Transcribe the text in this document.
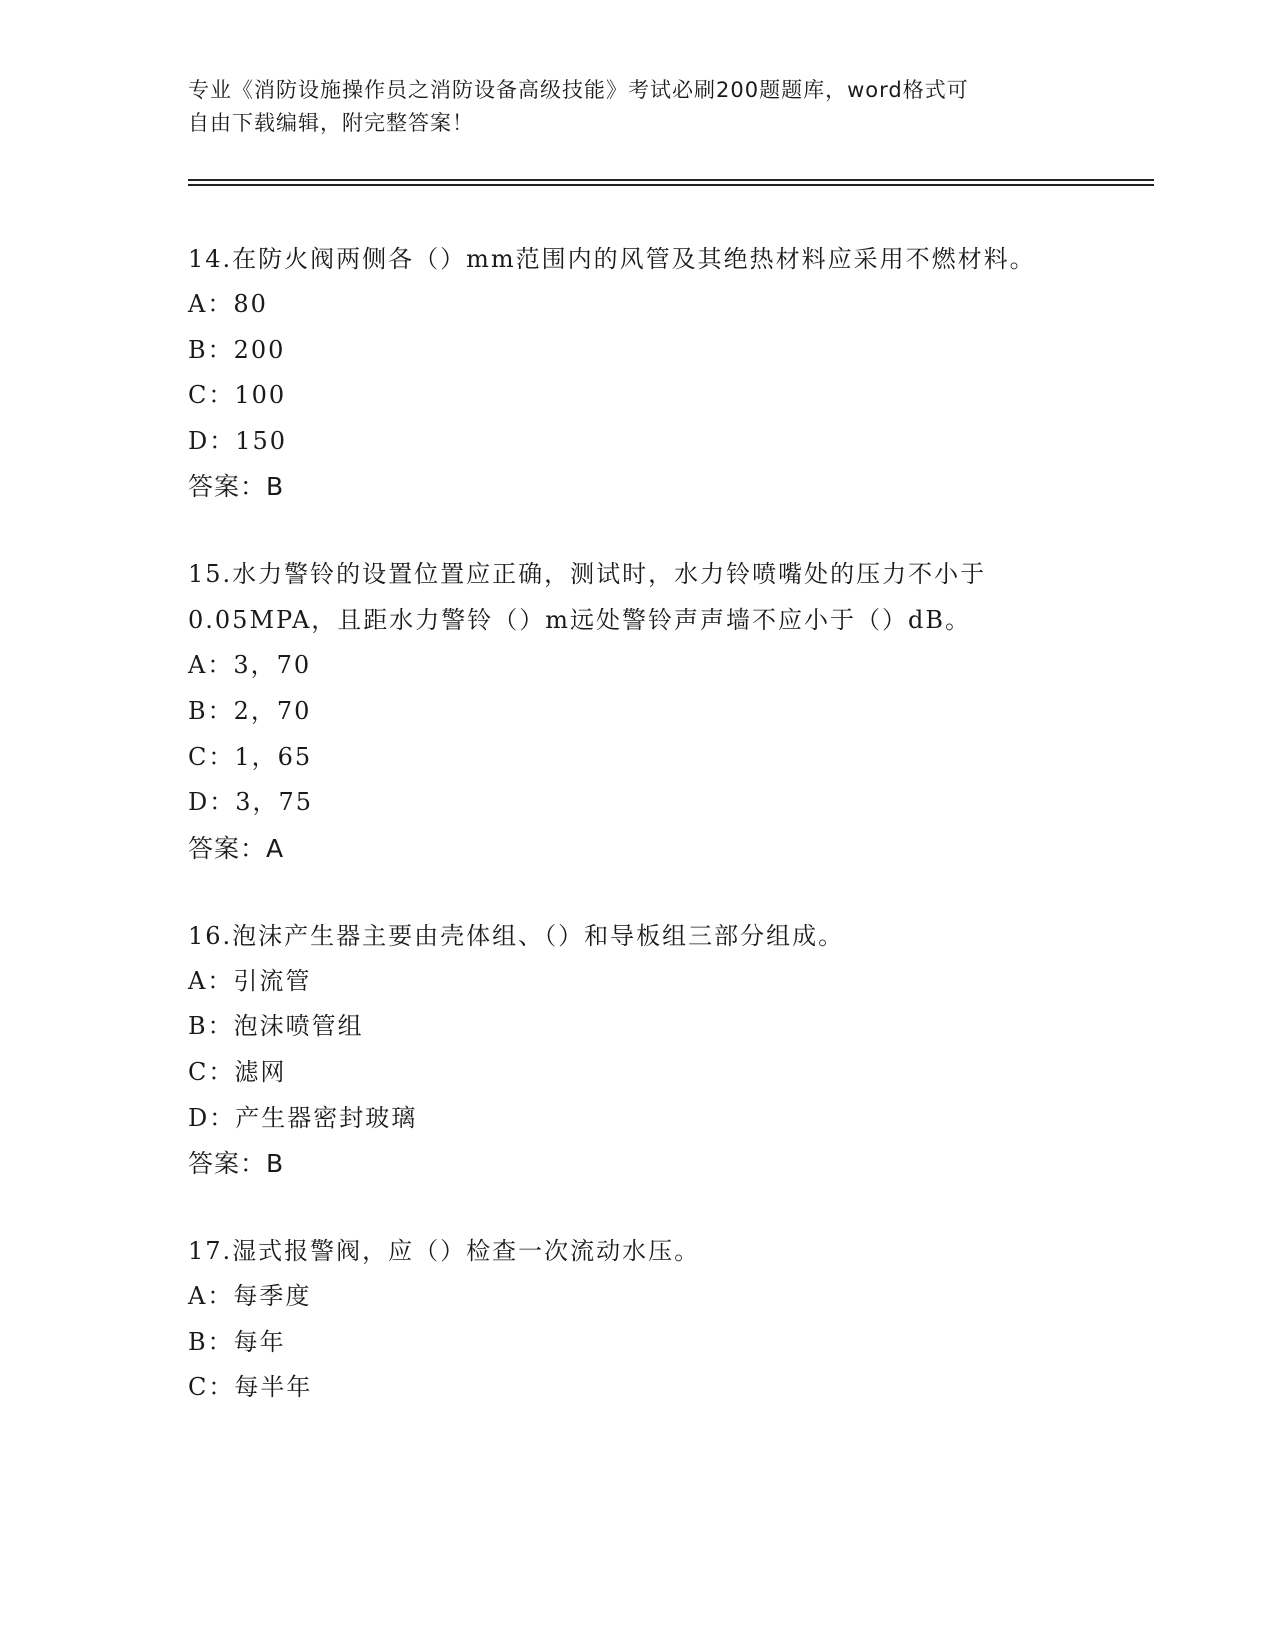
专业《消防设施操作员之消防设备高级技能》考试必刷200题题库，word格式可
自由下载编辑，附完整答案！
14.在防火阀两侧各（）mm范围内的风管及其绝热材料应采用不燃材料。
A：80
B：200
C：100
D：150
答案：B
15.水力警铃的设置位置应正确，测试时，水力铃喷嘴处的压力不小于0.05MPA，且距水力警铃（）m远处警铃声声墙不应小于（）dB。
A：3，70
B：2，70
C：1，65
D：3，75
答案：A
16.泡沫产生器主要由壳体组、（）和导板组三部分组成。
A：引流管
B：泡沫喷管组
C：滤网
D：产生器密封玻璃
答案：B
17.湿式报警阀，应（）检查一次流动水压。
A：每季度
B：每年
C：每半年
